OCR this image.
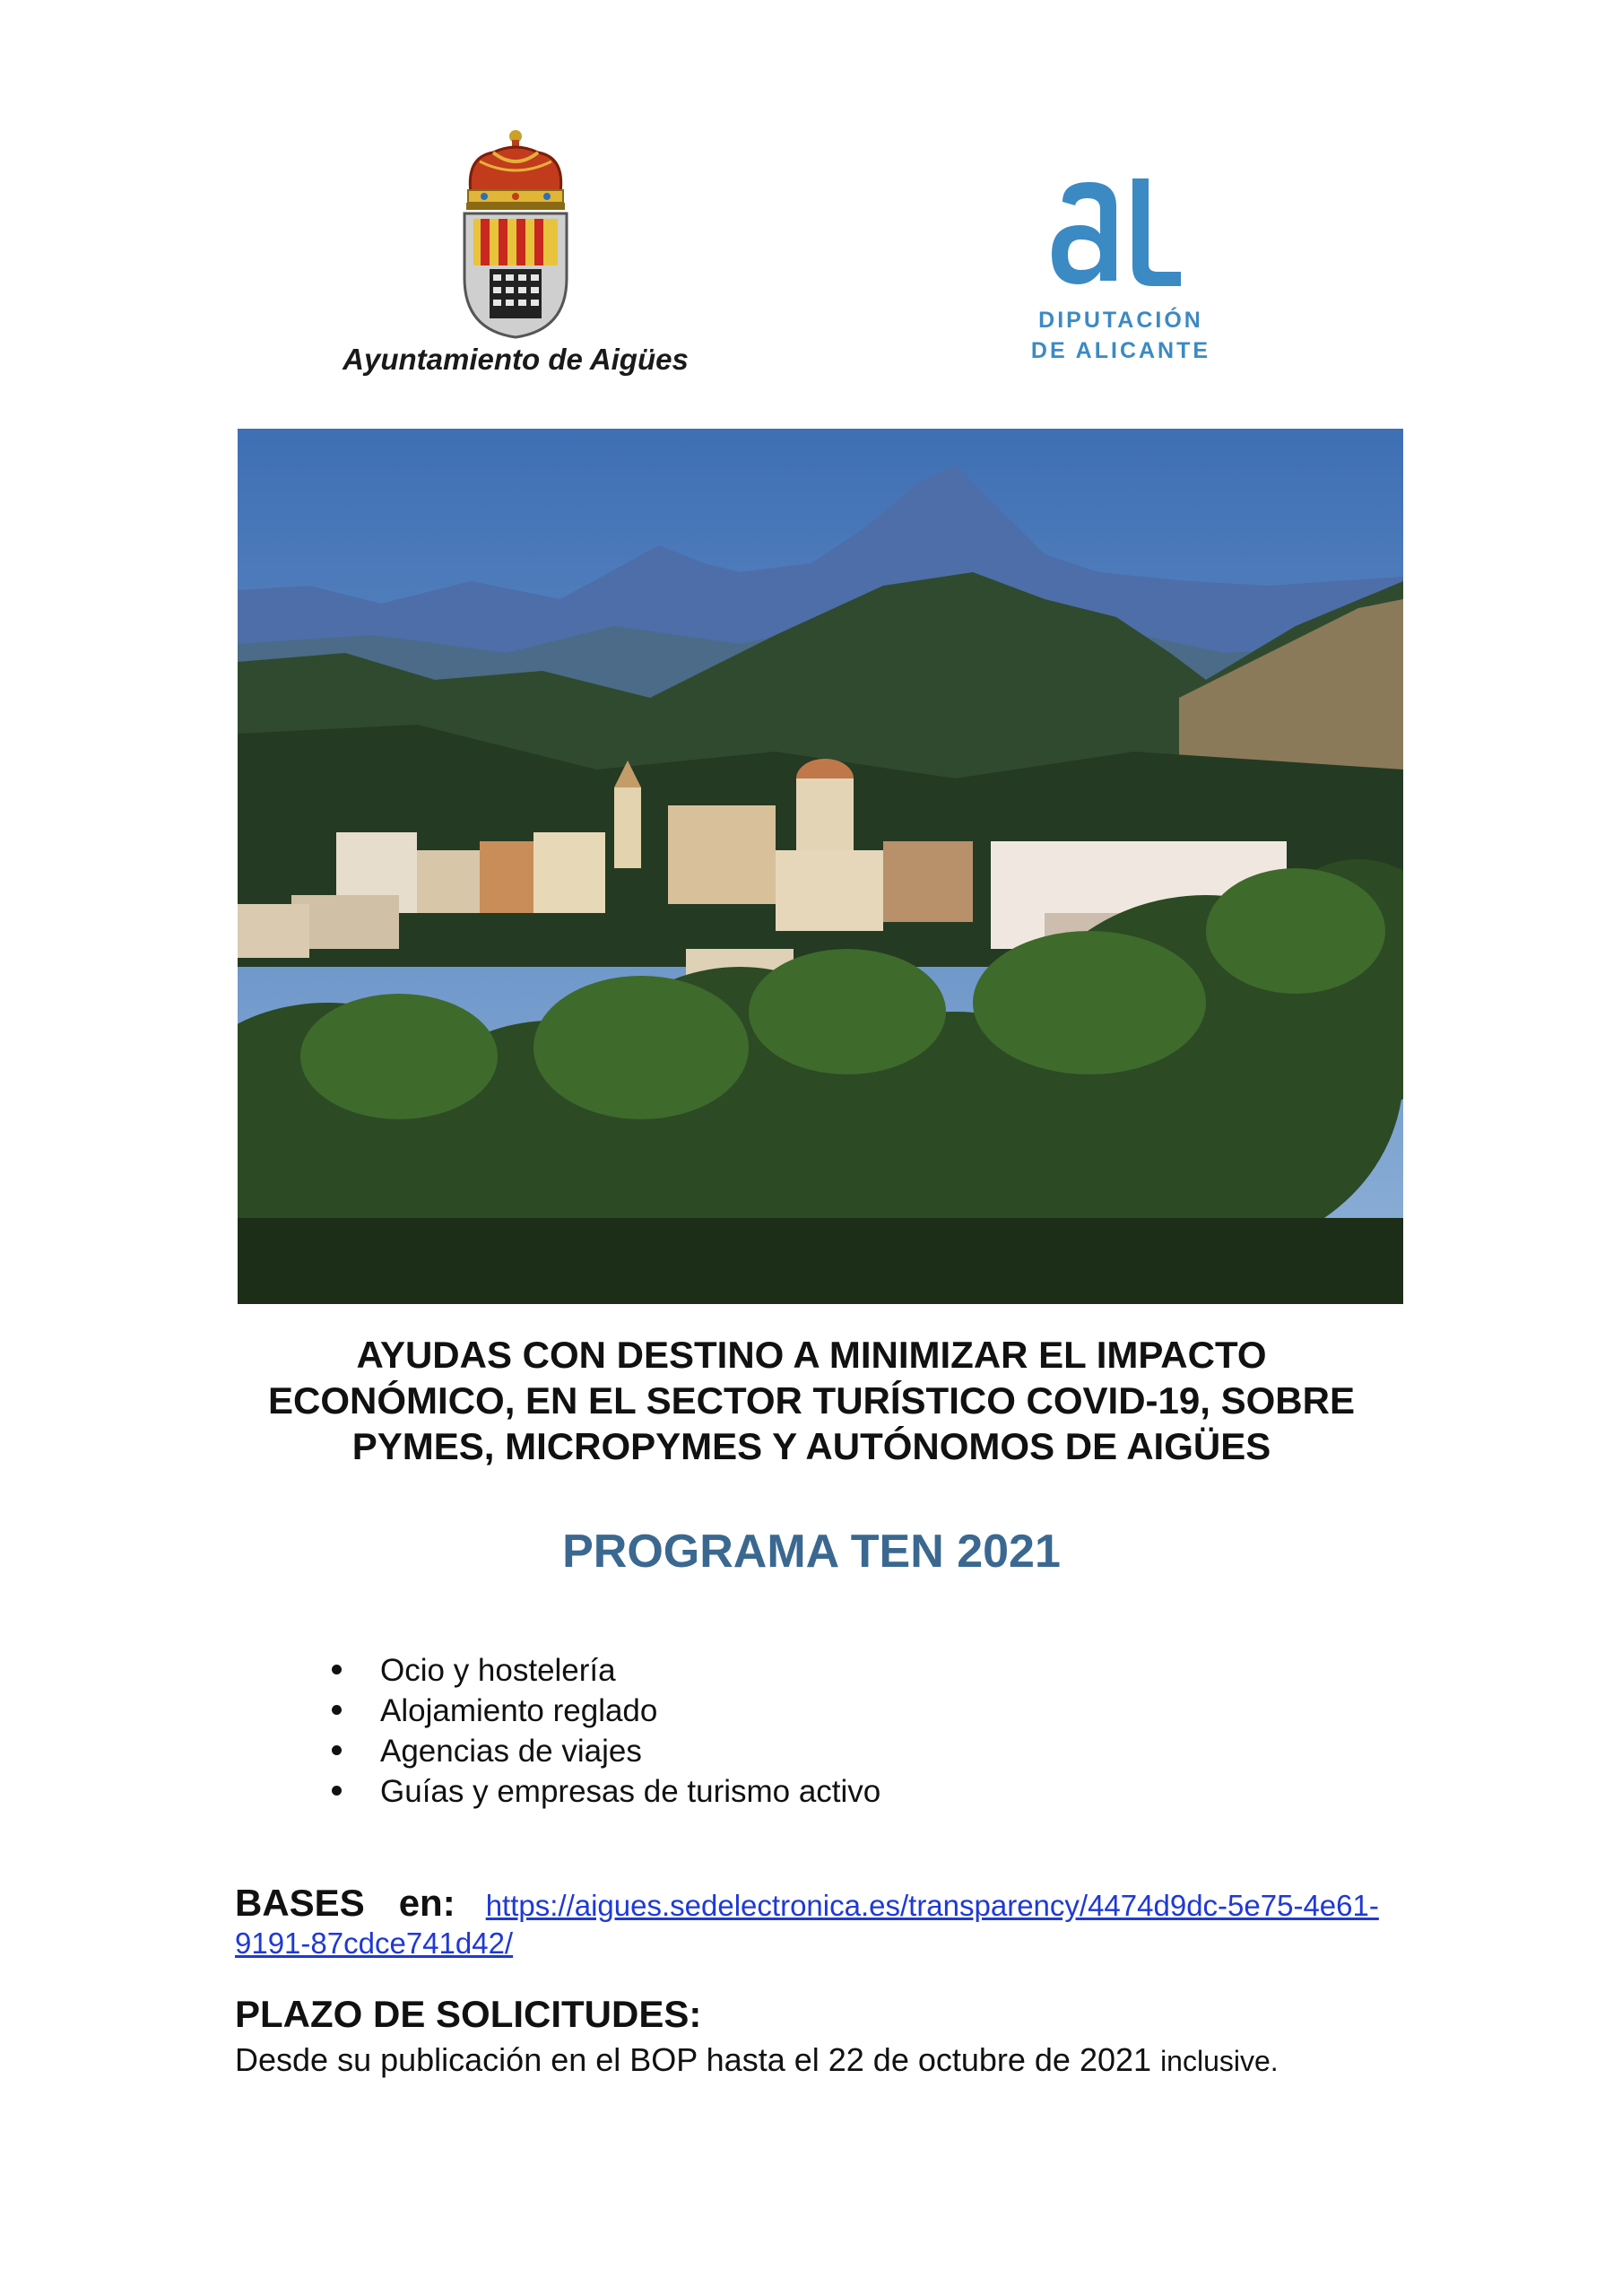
Ayuntamiento de Aigües
DIPUTACIÓN
DE ALICANTE
AYUDAS CON DESTINO A MINIMIZAR EL IMPACTO
ECONÓMICO, EN EL SECTOR TURÍSTICO COVID-19, SOBRE
PYMES, MICROPYMES Y AUTÓNOMOS DE AIGÜES
PROGRAMA TEN 2021
Ocio y hostelería
Alojamiento reglado
Agencias de viajes
Guías y empresas de turismo activo
BASES en: https://aigues.sedelectronica.es/transparency/4474d9dc-5e75-4e61-
9191-87cdce741d42/
PLAZO DE SOLICITUDES:
Desde su publicación en el BOP hasta el 22 de octubre de 2021 inclusive.
